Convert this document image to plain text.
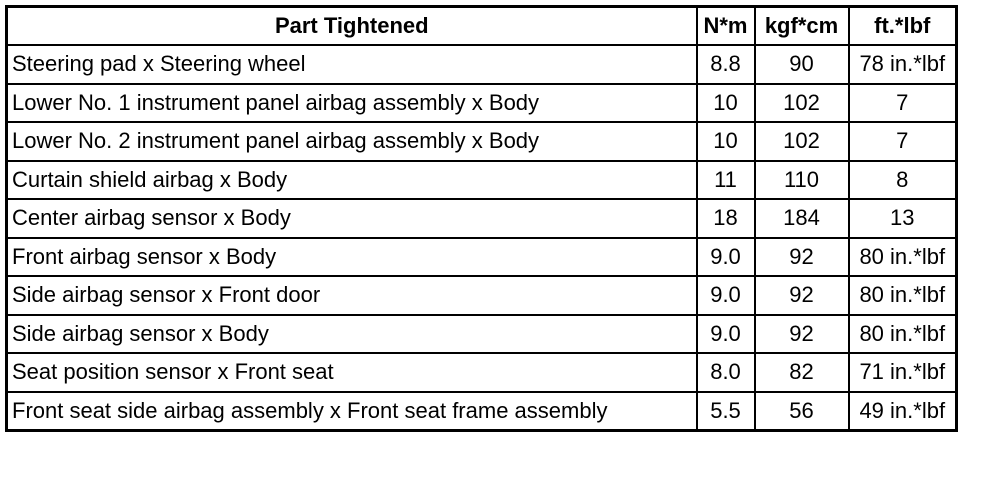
Part Tightened	N*m	kgf*cm	ft.*lbf
Steering pad x Steering wheel	8.8	90	78 in.*lbf
Lower No. 1 instrument panel airbag assembly x Body	10	102	7
Lower No. 2 instrument panel airbag assembly x Body	10	102	7
Curtain shield airbag x Body	11	110	8
Center airbag sensor x Body	18	184	13
Front airbag sensor x Body	9.0	92	80 in.*lbf
Side airbag sensor x Front door	9.0	92	80 in.*lbf
Side airbag sensor x Body	9.0	92	80 in.*lbf
Seat position sensor x Front seat	8.0	82	71 in.*lbf
Front seat side airbag assembly x Front seat frame assembly	5.5	56	49 in.*lbf
